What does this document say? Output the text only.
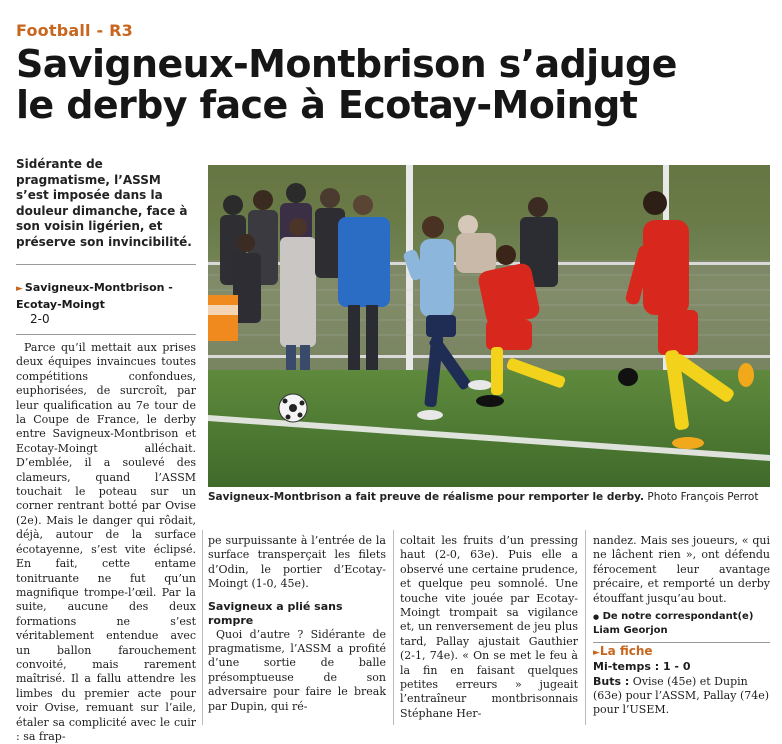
Football - R3
Savigneux-Montbrison s’adjuge
le derby face à Ecotay-Moingt
Sidérante de pragmatisme, l’ASSM s’est imposée dans la douleur dimanche, face à son voisin ligérien, et préserve son invincibilité.
► Savigneux-Montbrison -
Ecotay-Moingt
2-0

Parce qu’il mettait aux prises deux équipes invaincues toutes compétitions confondues, euphorisées, de surcroît, par leur qualification au 7e tour de la Coupe de France, le derby entre Savigneux-Montbrison et Ecotay-Moingt alléchait. D’emblée, il a soulevé des clameurs, quand l’ASSM touchait le poteau sur un corner rentrant botté par Ovise (2e). Mais le danger qui rôdait, déjà, autour de la surface écotayenne, s’est vite éclipsé. En fait, cette entame tonitruante ne fut qu’un magnifique trompe-l’œil. Par la suite, aucune des deux formations ne s’est véritablement entendue avec un ballon farouchement convoité, mais rarement maîtrisé. Il a fallu attendre les limbes du premier acte pour voir Ovise, remuant sur l’aile, étaler sa complicité avec le cuir : sa frap-

Savigneux-Montbrison a fait preuve de réalisme pour remporter le derby. Photo François Perrot

pe surpuissante à l’entrée de la surface transperçait les filets d’Odin, le portier d’Ecotay-Moingt (1-0, 45e).

Savigneux a plié sans
rompre

Quoi d’autre ? Sidérante de pragmatisme, l’ASSM a profité d’une sortie de balle présomptueuse de son adversaire pour faire le break par Dupin, qui ré-

coltait les fruits d’un pressing haut (2-0, 63e). Puis elle a observé une certaine prudence, et quelque peu somnolé. Une touche vite jouée par Ecotay-Moingt trompait sa vigilance et, un renversement de jeu plus tard, Pallay ajustait Gauthier (2-1, 74e). « On se met le feu à la fin en faisant quelques petites erreurs » jugeait l’entraîneur montbrisonnais Stéphane Her-

nandez. Mais ses joueurs, « qui ne lâchent rien », ont défendu férocement leur avantage précaire, et remporté un derby étouffant jusqu’au bout.

● De notre correspondant(e)
Liam Georjon
►La fiche
Mi-temps : 1 - 0
Buts : Ovise (45e) et Dupin (63e) pour l’ASSM, Pallay (74e) pour l’USEM.
